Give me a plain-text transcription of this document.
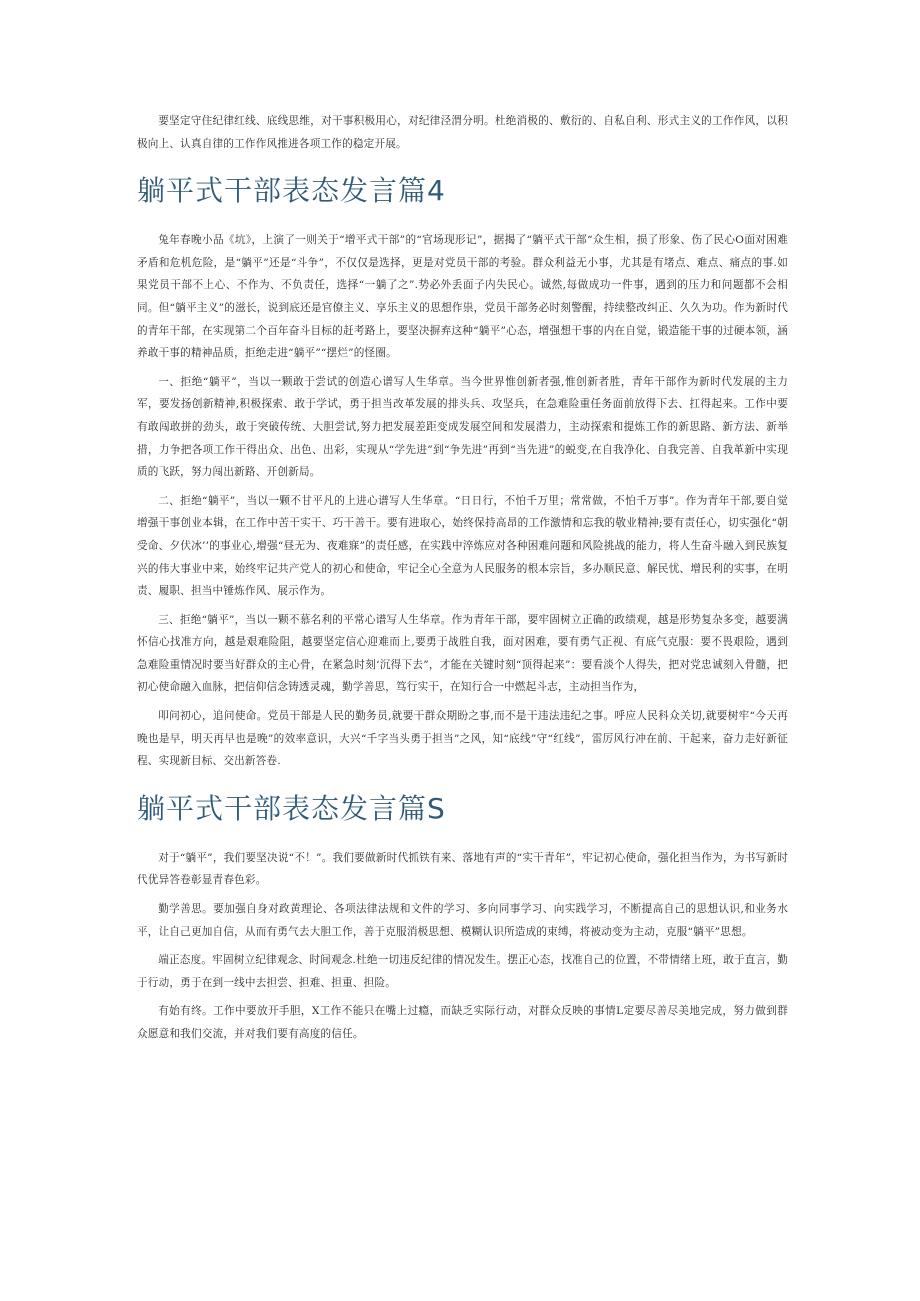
要坚定守住纪律红线、底线思维，对干事积极用心，对纪律泾渭分明。杜绝消极的、敷衍的、自私自利、形式主义的工作作风，以积极向上、认真自律的工作作风推进各项工作的稳定开展。

躺平式干部表态发言篇4

兔年春晚小品《坑》，上演了一则关于“增平式干部”的“官场现形记”，据揭了“躺平式干部“众生相，损了形象、伤了民心O面对困难矛盾和危机危险，是“躺平”还是“斗争”，不仅仅是选择，更是对党员干部的考验。群众利益无小事，尤其是有堵点、难点、痛点的事.如果党员干部不上心、不作为、不负责任，选择“一躺了之”.势必外丢面子内失民心。诚然,每做成功一件事，遇到的压力和问题都不会相同。但“躺平主义”的滋长，说到底还是官僚主义、享乐主义的思想作祟，党员干部务必时刻警醒，持续整改纠正、久久为功。作为新时代的青年干部，在实现第二个百年奋斗目标的赶考路上，要坚决摒弃这种“躺平”心态，增强想干事的内在自觉，锻造能干事的过硬本领，涵养敢干事的精神品质，拒绝走进“躺平”“摆烂”的怪圈。

一、拒绝“躺平”，当以一颗敢于尝试的创造心谱写人生华章。当今世界惟创新者强,惟创新者胜，青年干部作为新时代发展的主力军，要发扬创新精神,积极探索、敢于学试，勇于担当改革发展的排头兵、攻坚兵，在急难险重任务面前放得下去、扛得起来。工作中要有敢闯敢拼的劲头，敢于突破传统、大胆尝试,努力把发展差距变成发展空间和发展潜力，主动探索和提炼工作的新思路、新方法、新举措，力争把各项工作干得出众、出色、出彩，实现从“学先进”到“争先进”再到“当先进”的蜕变,在自我净化、自我完善、自我革新中实现质的飞跃，努力闯出新路、开创新局。

二、拒绝“躺平”，当以一颗不甘平凡的上进心谱写人生华章。“日日行，不怕千万里；常常做，不怕千万事”。作为青年干部,要自觉增强干事创业本辑，在工作中苦干实干、巧干善干。要有进取心，始终保持高昂的工作激情和忘我的敬业精神;要有责任心，切实强化“朝受命、夕伏冰’’的事业心,增强“昼无为、夜难寐”的责任感，在实践中淬炼应对各种困难问题和风险挑战的能力，将人生奋斗融入到民族复兴的伟大事业中来，始终牢记共产党人的初心和使命，牢记全心全意为人民服务的根本宗旨，多办顺民意、解民忧、增民利的实事，在明责、履职、担当中锤炼作风、展示作为。

三、拒绝“躺平”，当以一颗不慕名利的平常心谱写人生华章。作为青年干部，要牢固树立正确的政绩观，越是形势复杂多变，越要满怀信心找准方向，越是艰难险阻，越要坚定信心迎难而上,要勇于战胜自我，面对困难，要有勇气正视、有底气克服：要不畏艰险，遇到急难险重情况时要当好群众的主心骨，在紧急时刻‘沉得下去”，才能在关键时刻“顶得起来”：要看淡个人得失，把对党忠诚刻入骨髓，把初心使命融入血脉，把信仰信念铸透灵魂，勤学善思，笃行实干，在知行合一中燃起斗志，主动担当作为，

叩问初心，追问使命。党员干部是人民的勤务员,就要干群众期盼之事,而不是干违法违纪之事。呼应人民科众关切,就要树牢“今天再晚也是早，明天再早也是晚”的效率意识，大兴“千字当头勇于担当”之风，知“底线”守“红线”，雷厉风行冲在前、干起来，奋力走好新征程、实现新目标、交出新答卷.

躺平式干部表态发言篇S

对于“躺平”，我们要坚决说“不！”。我们要做新时代抓铁有来、落地有声的“实干青年”，牢记初心使命，强化担当作为，为书写新时代优异答卷彰显青春色彩。

勤学善思。要加强自身对政黄理论、各项法律法规和文件的学习、多向同事学习、向实践学习，不断提高自己的思想认识,和业务水平，让自己更加自信，从而有勇气去大胆工作，善于克服消极思想、模糊认识所造成的束缚，将被动变为主动，克服“躺平”思想。

端正态度。牢固树立纪律观念、时间观念.杜绝一切违反纪律的情况发生。摆正心态，找准自己的位置，不带情绪上班，敢于直言，勤于行动，勇于在到一线中去担尝、担难、担重、担险。

有始有终。工作中要放开手胆，X工作不能只在嘴上过瘾，而缺乏实际行动，对群众反映的事情L定要尽善尽美地完成，努力做到群众愿意和我们交流，并对我们要有高度的信任。
